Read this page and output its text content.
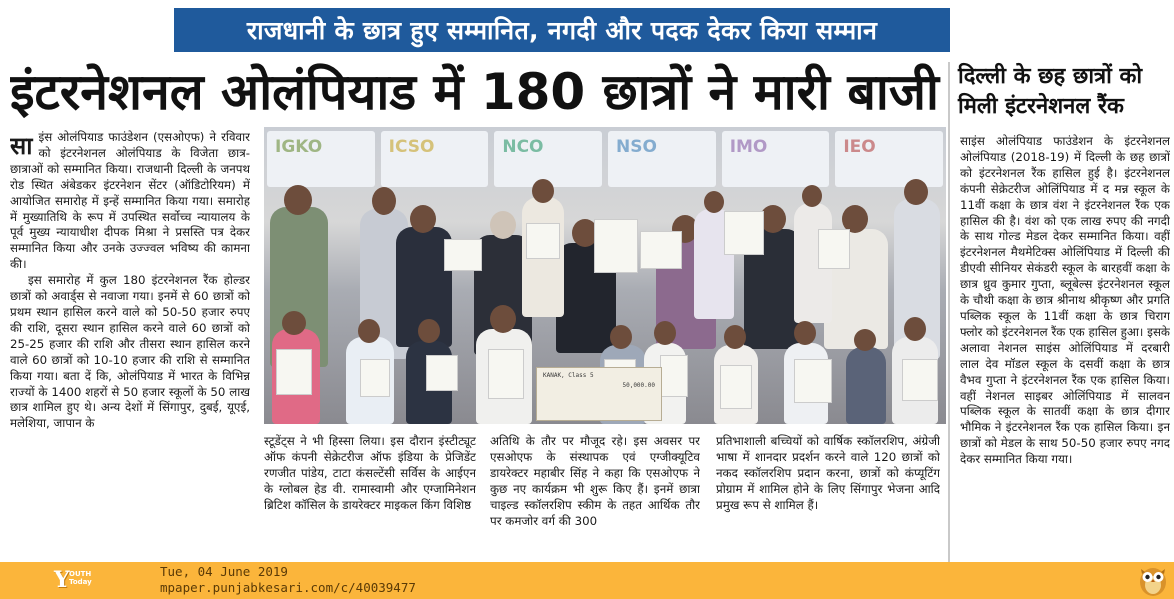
राजधानी के छात्र हुए सम्मानित, नगदी और पदक देकर किया सम्मान
इंटरनेशनल ओलंपियाड में 180 छात्रों ने मारी बाजी

साइंस ओलंपियाड फाउंडेशन (एसओएफ) ने रविवार को इंटरनेशनल ओलंपियाड के विजेता छात्र-छात्राओं को सम्मानित किया। राजधानी दिल्ली के जनपथ रोड स्थित अंबेडकर इंटरनेशन सेंटर (ऑडिटोरियम) में आयोजित समारोह में इन्हें सम्मानित किया गया। समारोह में मुख्यातिथि के रूप में उपस्थित सर्वोच्च न्यायालय के पूर्व मुख्य न्यायाधीश दीपक मिश्रा ने प्रसस्ति पत्र देकर सम्मानित किया और उनके उज्ज्वल भविष्य की कामना की।

इस समारोह में कुल 180 इंटरनेशनल रैंक होल्डर छात्रों को अवार्ड्स से नवाजा गया। इनमें से 60 छात्रों को प्रथम स्थान हासिल करने वाले को 50-50 हजार रुपए की राशि, दूसरा स्थान हासिल करने वाले 60 छात्रों को 25-25 हजार की राशि और तीसरा स्थान हासिल करने वाले 60 छात्रों को 10-10 हजार की राशि से सम्मानित किया गया। बता दें कि, ओलंपियाड में भारत के विभिन्न राज्यों के 1400 शहरों से 50 हजार स्कूलों के 50 लाख छात्र शामिल हुए थे। अन्य देशों में सिंगापुर, दुबई, यूएई, मलेशिया, जापान के

IGKO	ICSO	NCO	NSO	IMO	IEO
KANAK, Class 5
50,000.00
स्टूडेंट्स ने भी हिस्सा लिया। इस दौरान इंस्टीट्यूट ऑफ कंपनी सेक्रेटरीज ऑफ इंडिया के प्रेजिडेंट रणजीत पांडेय, टाटा कंसल्टेंसी सर्विस के आईएन के ग्लोबल हेड वी. रामास्वामी और एग्जामिनेशन ब्रिटिश कॉसिल के डायरेक्टर माइकल किंग विशिष्ठ
अतिथि के तौर पर मौजूद रहे। इस अवसर पर एसओएफ के संस्थापक एवं एग्जीक्यूटिव डायरेक्टर महाबीर सिंह ने कहा कि एसओएफ ने कुछ नए कार्यक्रम भी शुरू किए हैं। इनमें छात्रा चाइल्ड स्कॉलरशिप स्कीम के तहत आर्थिक तौर पर कमजोर वर्ग की 300
प्रतिभाशाली बच्चियों को वार्षिक स्कॉलरशिप, अंग्रेजी भाषा में शानदार प्रदर्शन करने वाले 120 छात्रों को नकद स्कॉलरशिप प्रदान करना, छात्रों को कंप्यूटिंग प्रोग्राम में शामिल होने के लिए सिंगापुर भेजना आदि प्रमुख रूप से शामिल हैं।
दिल्ली के छह छात्रों को मिली इंटरनेशनल रैंक
साइंस ओलंपियाड फाउंडेशन के इंटरनेशनल ओलंपियाड (2018-19) में दिल्ली के छह छात्रों को इंटरनेशनल रैंक हासिल हुई है। इंटरनेशनल कंपनी सेक्रेटरीज ओलिंपियाड में द मन्न स्कूल के 11वीं कक्षा के छात्र वंश ने इंटरनेशनल रैंक एक हासिल की है। वंश को एक लाख रुपए की नगदी के साथ गोल्ड मेडल देकर सम्मानित किया। वहीं इंटरनेशनल मैथमेटिक्स ओलिंपियाड में दिल्ली की डीएवी सीनियर सेकंडरी स्कूल के बारहवीं कक्षा के छात्र ध्रुव कुमार गुप्ता, ब्लूबेल्स इंटरनेशनल स्कूल के चौथी कक्षा के छात्र श्रीनाथ श्रीकृष्ण और प्रगति पब्लिक स्कूल के 11वीं कक्षा के छात्र चिराग फ्लोर को इंटरनेशनल रैंक एक हासिल हुआ। इसके अलावा नेशनल साइंस ओलिंपियाड में दरबारी लाल देव मॉडल स्कूल के दसवीं कक्षा के छात्र वैभव गुप्ता ने इंटरनेशनल रैंक एक हासिल किया। वहीं नेशनल साइबर ओलिंपियाड में सालवन पब्लिक स्कूल के सातवीं कक्षा के छात्र दीगार भौमिक ने इंटरनेशनल रैंक एक हासिल किया। इन छात्रों को मेडल के साथ 50-50 हजार रुपए नगद देकर सम्मानित किया गया।
Y OUTH Today
Tue, 04 June 2019
mpaper.punjabkesari.com/c/40039477
